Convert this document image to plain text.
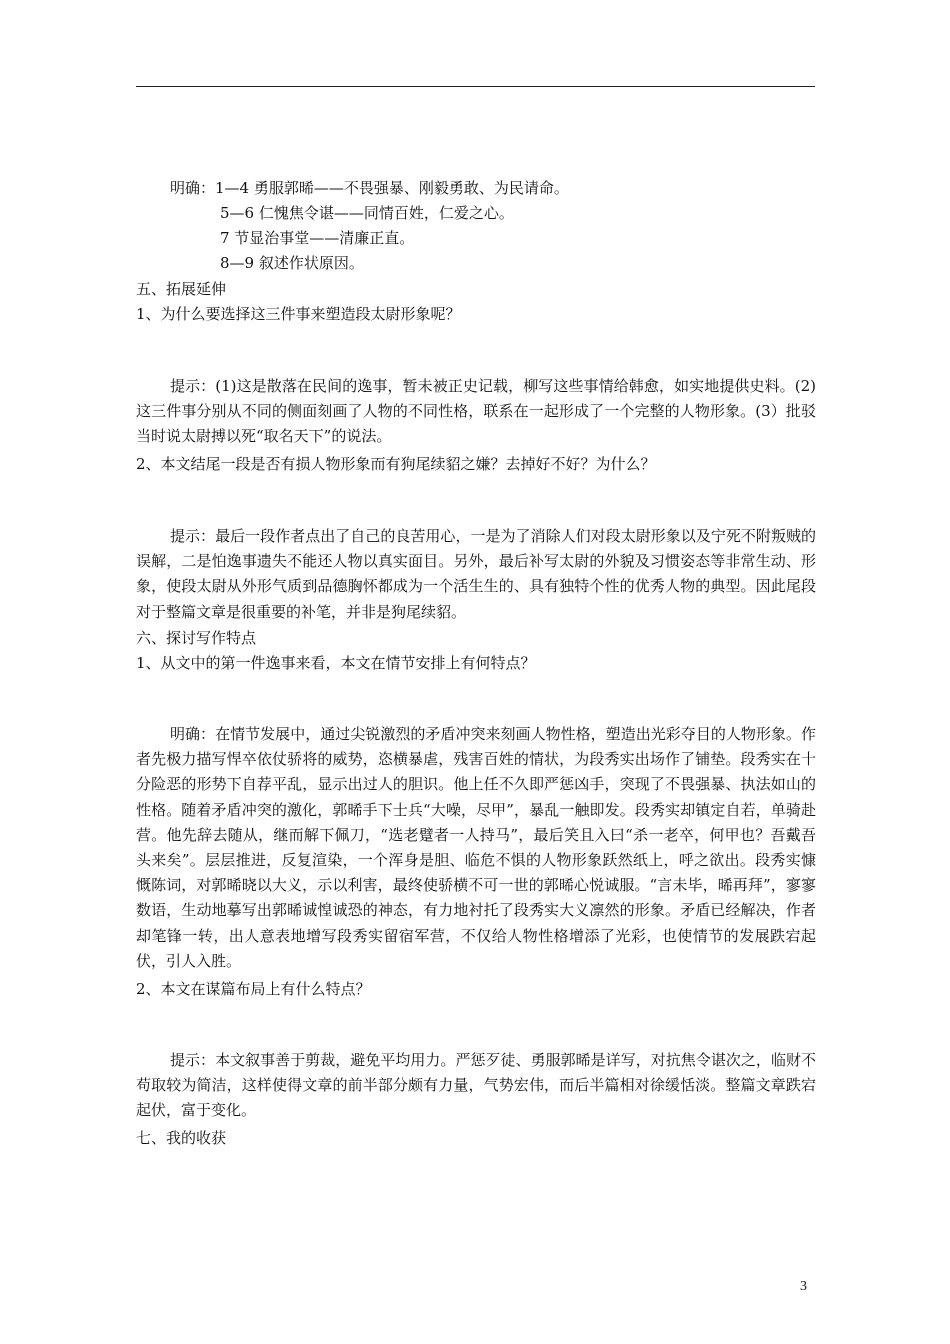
明确：1—4 勇服郭晞——不畏强暴、刚毅勇敢、为民请命。
5—6 仁愧焦令谌——同情百姓，仁爱之心。
7 节显治事堂——清廉正直。
8—9 叙述作状原因。
五、拓展延伸
1、为什么要选择这三件事来塑造段太尉形象呢？
提示：(1)这是散落在民间的逸事，暂未被正史记载，柳写这些事情给韩愈，如实地提供史料。(2)这三件事分别从不同的侧面刻画了人物的不同性格，联系在一起形成了一个完整的人物形象。(3）批驳当时说太尉搏以死“取名天下”的说法。
2、本文结尾一段是否有损人物形象而有狗尾续貂之嫌？去掉好不好？为什么？
提示：最后一段作者点出了自己的良苦用心，一是为了消除人们对段太尉形象以及宁死不附叛贼的误解，二是怕逸事遗失不能还人物以真实面目。另外，最后补写太尉的外貌及习惯姿态等非常生动、形象，使段太尉从外形气质到品德胸怀都成为一个活生生的、具有独特个性的优秀人物的典型。因此尾段对于整篇文章是很重要的补笔，并非是狗尾续貂。
六、探讨写作特点
1、从文中的第一件逸事来看，本文在情节安排上有何特点？
明确：在情节发展中，通过尖锐激烈的矛盾冲突来刻画人物性格，塑造出光彩夺目的人物形象。作者先极力描写悍卒依仗骄将的威势，恣横暴虐，残害百姓的情状，为段秀实出场作了铺垫。段秀实在十分险恶的形势下自荐平乱，显示出过人的胆识。他上任不久即严惩凶手，突现了不畏强暴、执法如山的性格。随着矛盾冲突的激化，郭晞手下士兵“大噪，尽甲”，暴乱一触即发。段秀实却镇定自若，单骑赴营。他先辞去随从，继而解下佩刀，“选老躄者一人持马”，最后笑且入曰“杀一老卒，何甲也？吾戴吾头来矣”。层层推进，反复渲染，一个浑身是胆、临危不惧的人物形象跃然纸上，呼之欲出。段秀实慷慨陈词，对郭晞晓以大义，示以利害，最终使骄横不可一世的郭晞心悦诚服。“言未毕，晞再拜”，寥寥数语，生动地摹写出郭晞诚惶诚恐的神态，有力地衬托了段秀实大义凛然的形象。矛盾已经解决，作者却笔锋一转，出人意表地增写段秀实留宿军营，不仅给人物性格增添了光彩，也使情节的发展跌宕起伏，引人入胜。
2、本文在谋篇布局上有什么特点？
提示：本文叙事善于剪裁，避免平均用力。严惩歹徒、勇服郭晞是详写，对抗焦令谌次之，临财不苟取较为简洁，这样使得文章的前半部分颇有力量，气势宏伟，而后半篇相对徐缓恬淡。整篇文章跌宕起伏，富于变化。
七、我的收获
3
